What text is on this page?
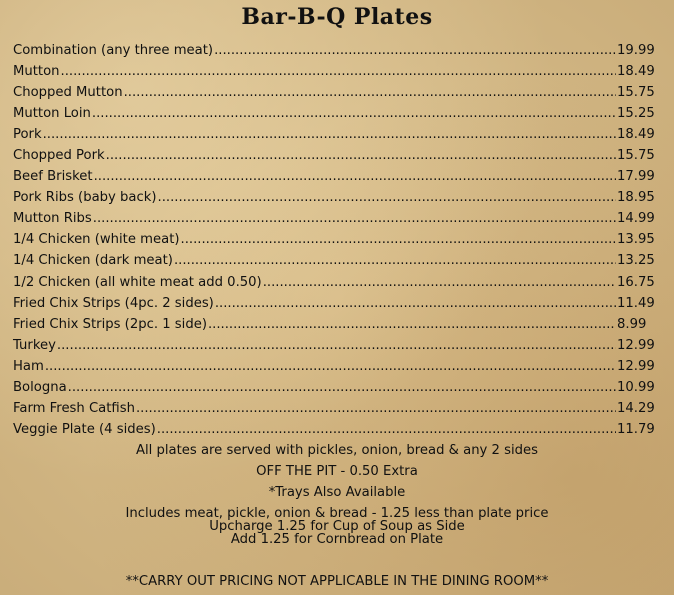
Bar-B-Q Plates
Combination (any three meat) .....	19.99
Mutton .....	18.49
Chopped Mutton .....	15.75
Mutton Loin .....	15.25
Pork .....	18.49
Chopped Pork .....	15.75
Beef Brisket .....	17.99
Pork Ribs (baby back) .....	18.95
Mutton Ribs .....	14.99
1/4 Chicken (white meat) .....	13.95
1/4 Chicken (dark meat) .....	13.25
1/2 Chicken (all white meat add 0.50) .....	16.75
Fried Chix Strips (4pc. 2 sides) .....	11.49
Fried Chix Strips (2pc. 1 side) .....	8.99
Turkey .....	12.99
Ham .....	12.99
Bologna .....	10.99
Farm Fresh Catfish .....	14.29
Veggie Plate (4 sides) .....	11.79
All plates are served with pickles, onion, bread & any 2 sides
OFF THE PIT - 0.50 Extra
*Trays Also Available
Includes meat, pickle, onion & bread - 1.25 less than plate price
Upcharge 1.25 for Cup of Soup as Side
Add 1.25 for Cornbread on Plate
**CARRY OUT PRICING NOT APPLICABLE IN THE DINING ROOM**
